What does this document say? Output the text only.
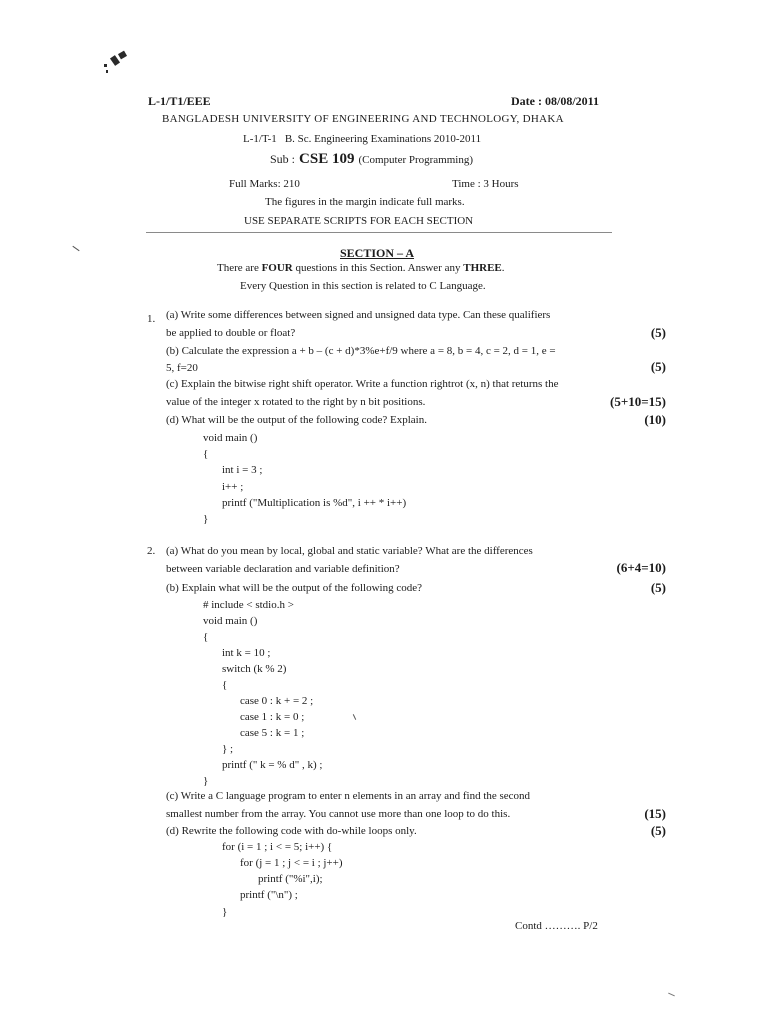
L-1/T1/EEE	Date : 08/08/2011
BANGLADESH UNIVERSITY OF ENGINEERING AND TECHNOLOGY, DHAKA
L-1/T-1 B. Sc. Engineering Examinations 2010-2011
Sub : CSE 109 (Computer Programming)
Full Marks: 210	Time : 3 Hours
The figures in the margin indicate full marks.
USE SEPARATE SCRIPTS FOR EACH SECTION
SECTION – A
There are FOUR questions in this Section. Answer any THREE.
Every Question in this section is related to C Language.
1. (a) Write some differences between signed and unsigned data type. Can these qualifiers
be applied to double or float?	(5)
(b) Calculate the expression a + b – (c + d)*3%e+f/9 where a = 8, b = 4, c = 2, d = 1, e =
5, f=20	(5)
(c) Explain the bitwise right shift operator. Write a function rightrot (x, n) that returns the
value of the integer x rotated to the right by n bit positions.	(5+10=15)
(d) What will be the output of the following code? Explain.	(10)
void main ()
{
int i = 3 ;
i++ ;
printf ("Multiplication is %d", i ++ * i++)
}
2. (a) What do you mean by local, global and static variable? What are the differences
between variable declaration and variable definition?	(6+4=10)
(b) Explain what will be the output of the following code?	(5)
# include < stdio.h >
void main ()
{
int k = 10 ;
switch (k % 2)
{
case 0 : k + = 2 ;
case 1 : k = 0 ;
case 5 : k = 1 ;
} ;
printf (" k = % d" , k) ;
}
(c) Write a C language program to enter n elements in an array and find the second
smallest number from the array. You cannot use more than one loop to do this.	(15)
(d) Rewrite the following code with do-while loops only.	(5)
for (i = 1 ; i < = 5; i++) {
for (j = 1 ; j < = i ; j++)
printf ("%i",i);
printf ("\n") ;
}
Contd ………. P/2
